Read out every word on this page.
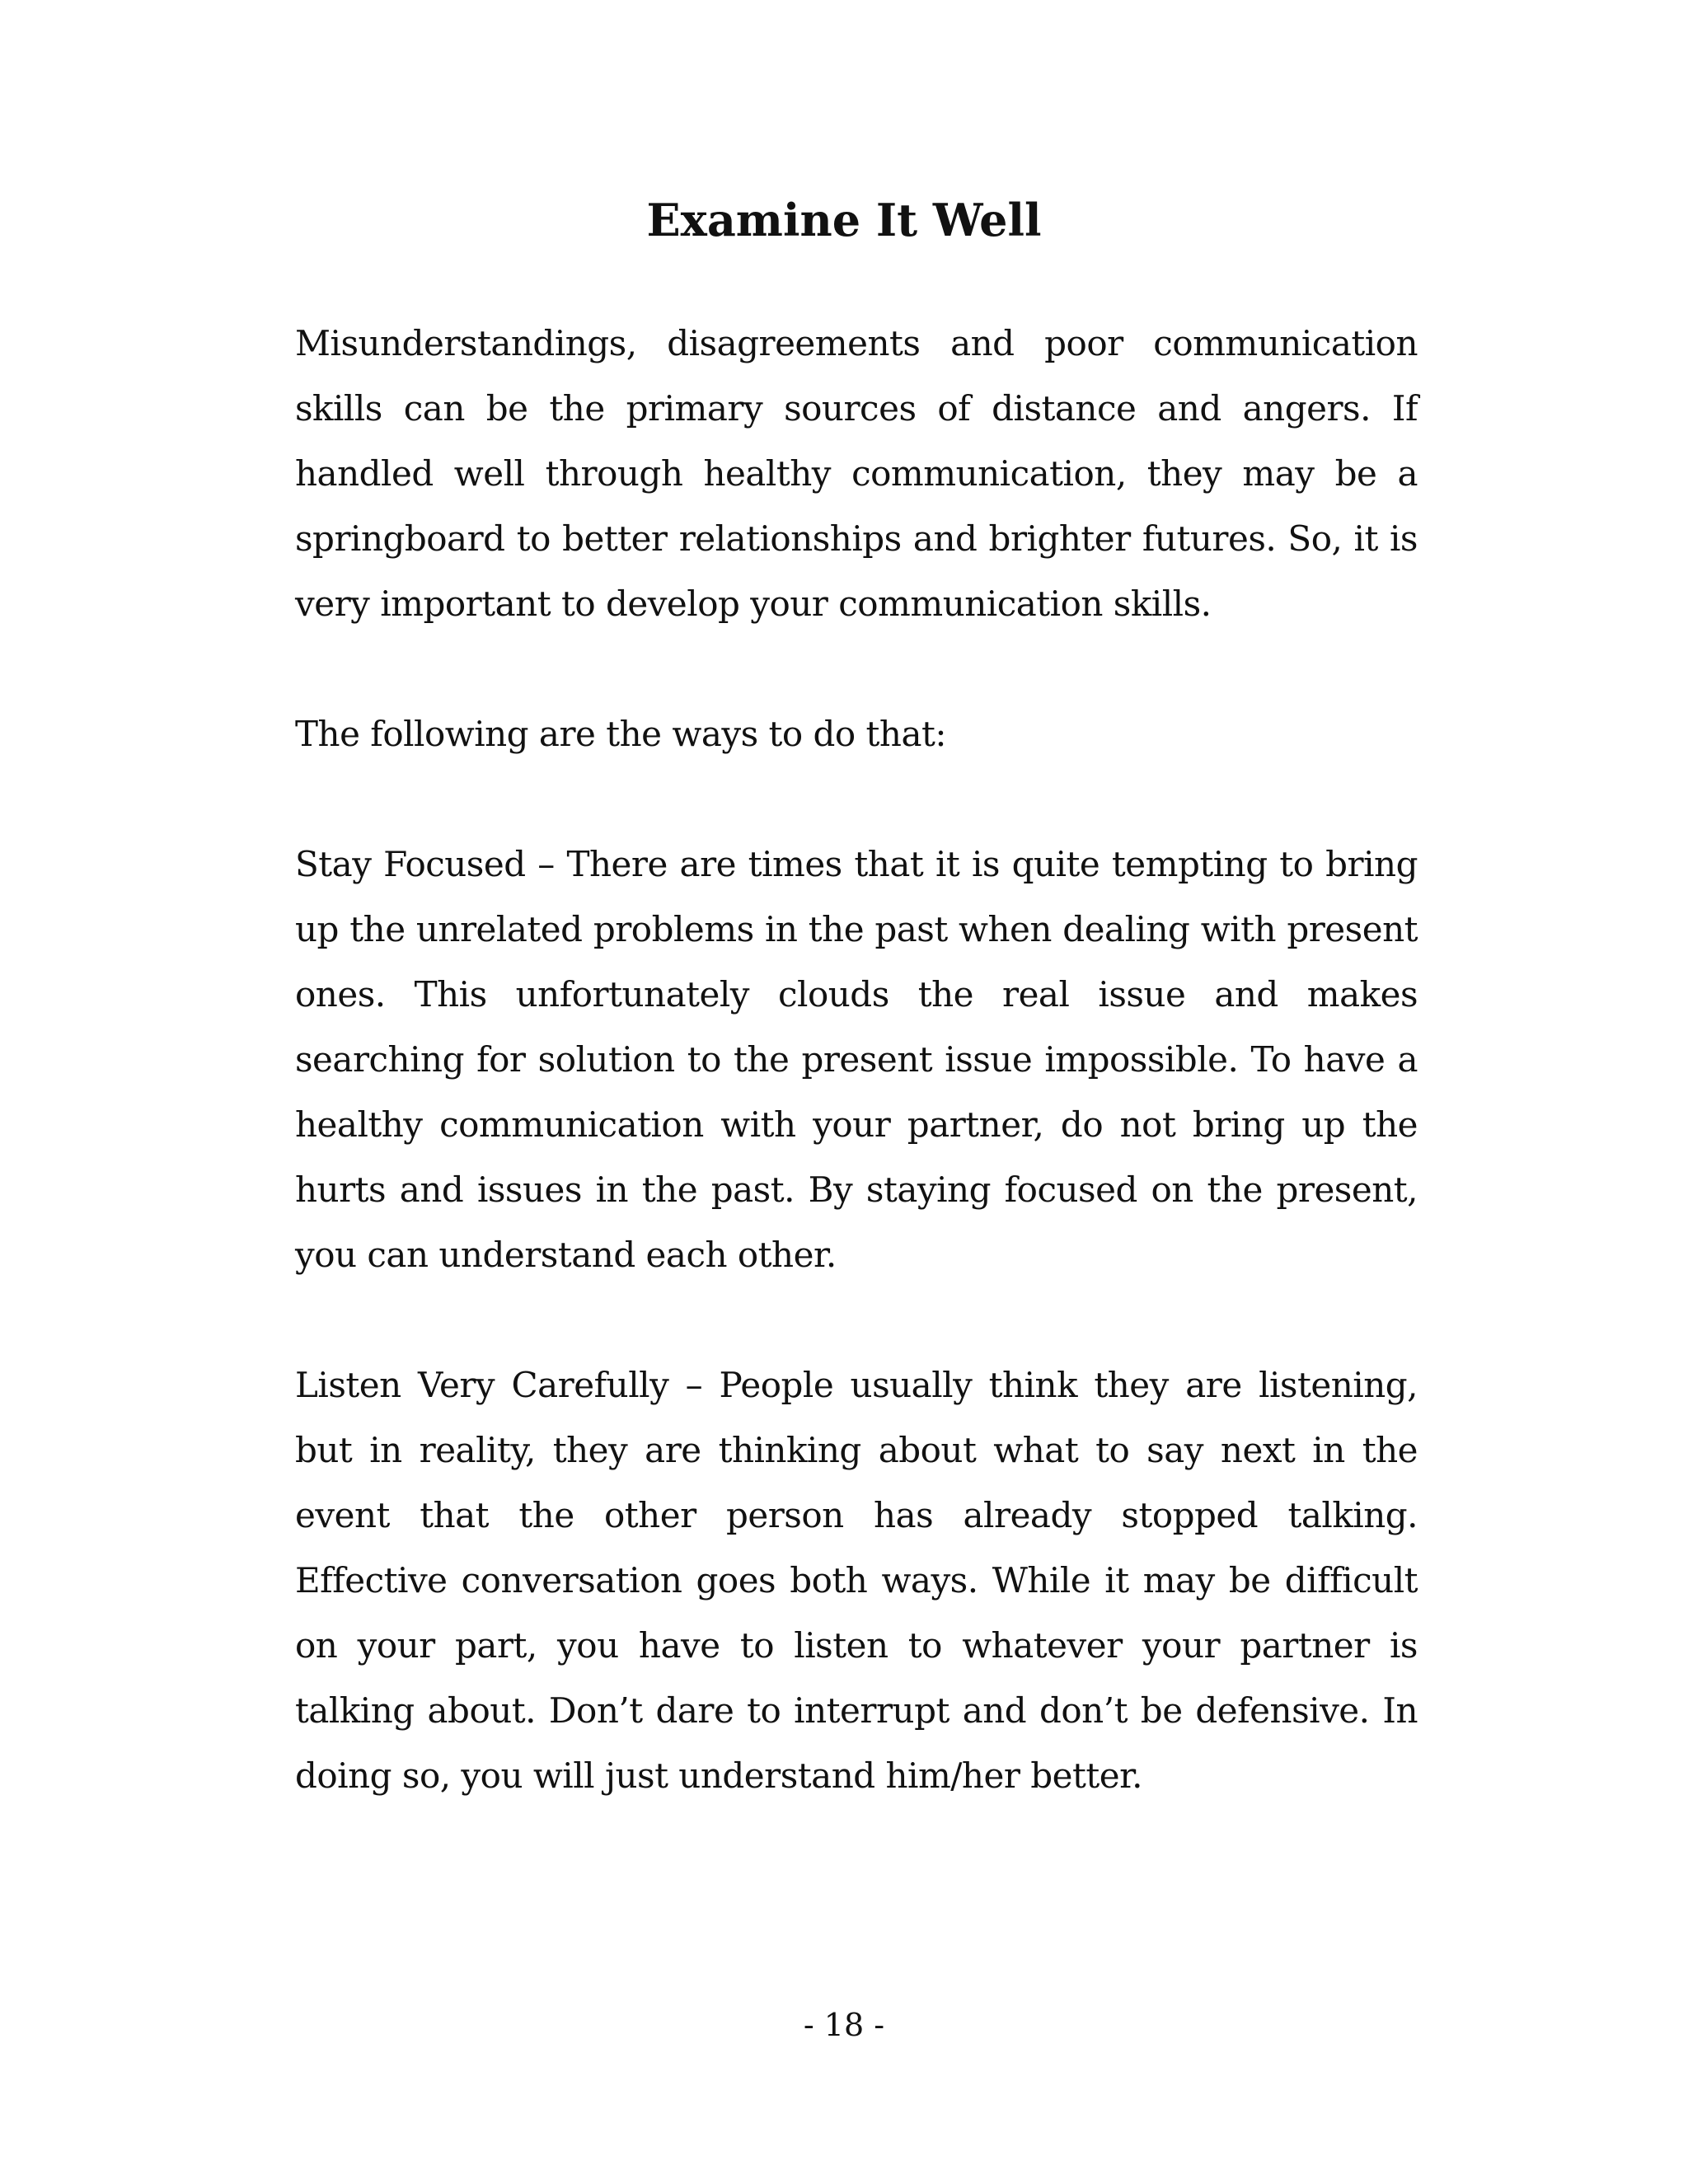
Examine It Well

Misunderstandings, disagreements and poor communication skills can be the primary sources of distance and angers. If handled well through healthy communication, they may be a springboard to better relationships and brighter futures. So, it is very important to develop your communication skills.

The following are the ways to do that:

Stay Focused – There are times that it is quite tempting to bring up the unrelated problems in the past when dealing with present ones. This unfortunately clouds the real issue and makes searching for solution to the present issue impossible. To have a healthy communication with your partner, do not bring up the hurts and issues in the past. By staying focused on the present, you can understand each other.

Listen Very Carefully – People usually think they are listening, but in reality, they are thinking about what to say next in the event that the other person has already stopped talking. Effective conversation goes both ways. While it may be difficult on your part, you have to listen to whatever your partner is talking about. Don’t dare to interrupt and don’t be defensive. In doing so, you will just understand him/her better.

- 18 -
